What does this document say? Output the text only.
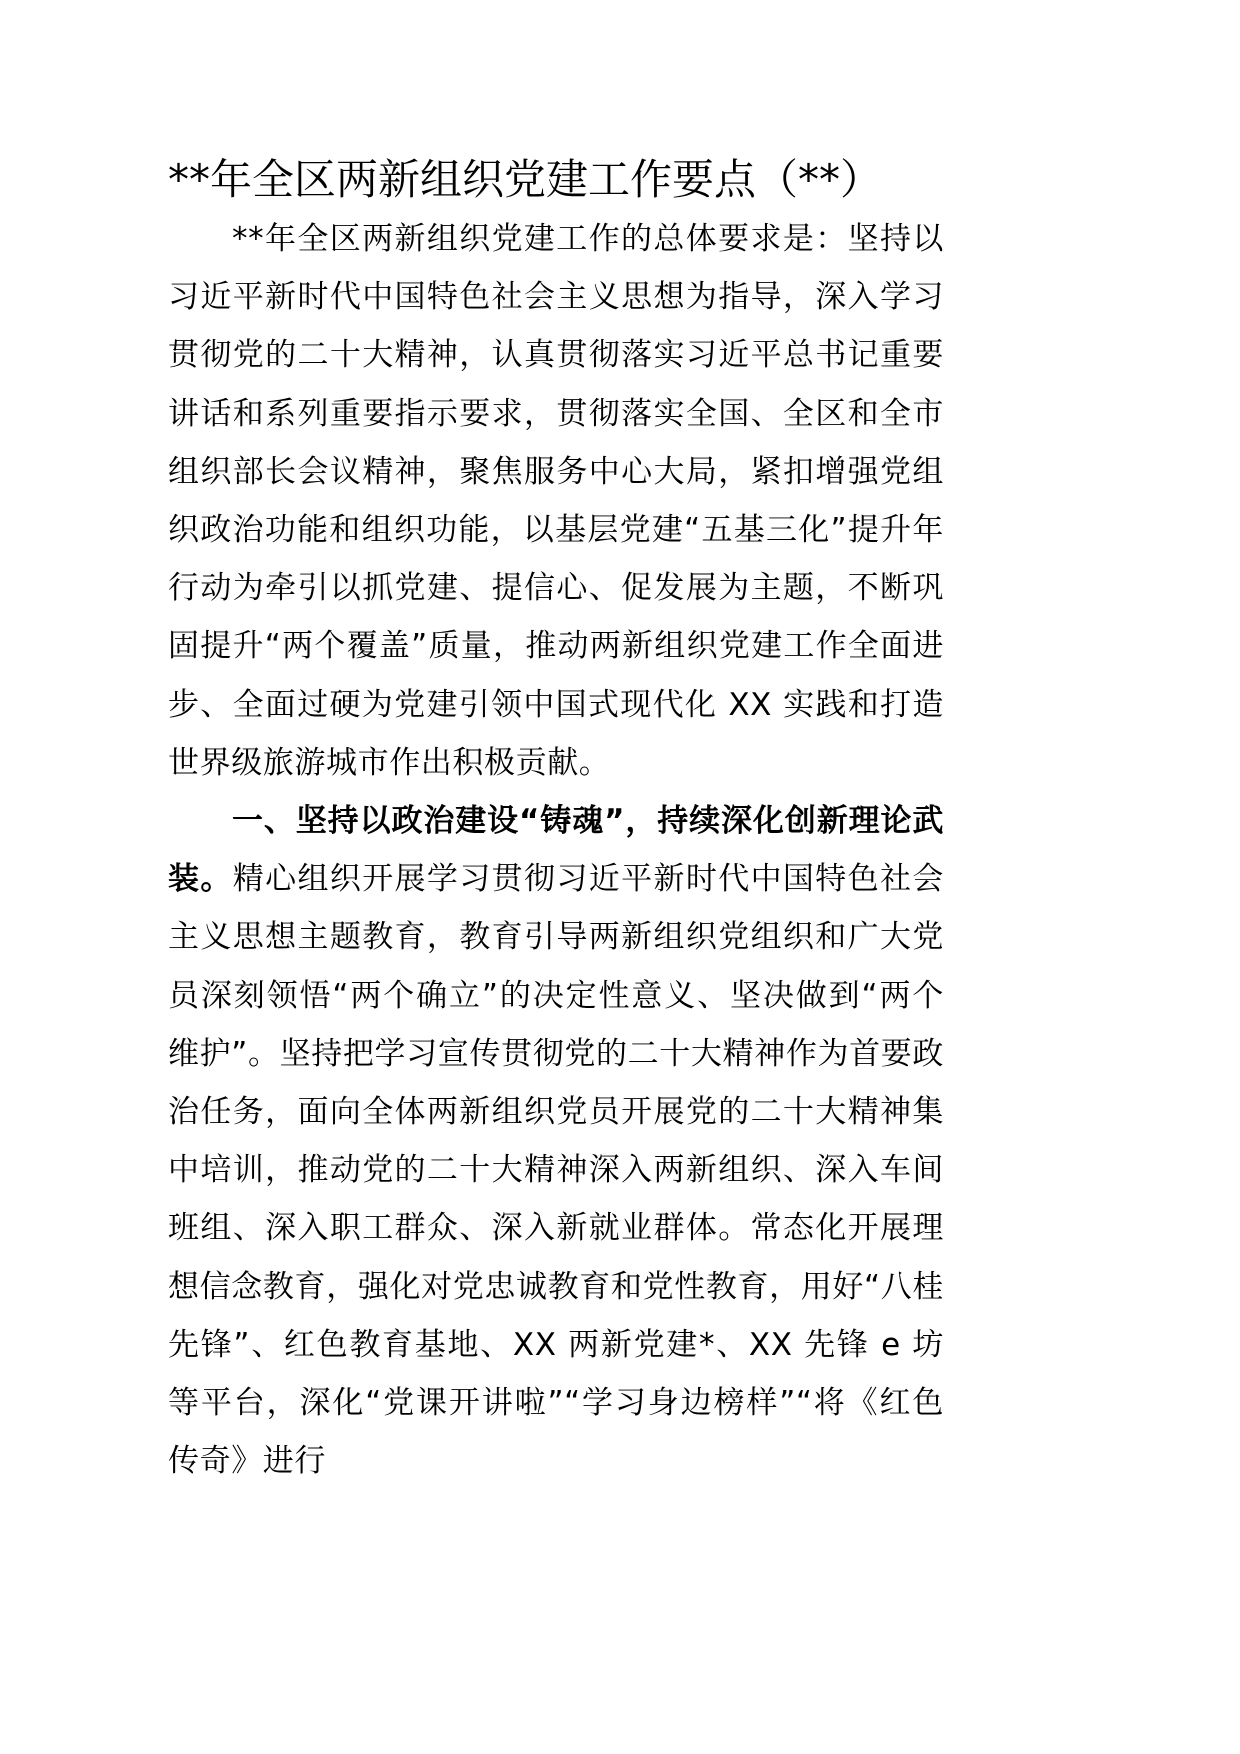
**年全区两新组织党建工作要点（**）

**年全区两新组织党建工作的总体要求是：坚持以习近平新时代中国特色社会主义思想为指导，深入学习贯彻党的二十大精神，认真贯彻落实习近平总书记重要讲话和系列重要指示要求，贯彻落实全国、全区和全市组织部长会议精神，聚焦服务中心大局，紧扣增强党组织政治功能和组织功能，以基层党建“五基三化”提升年行动为牵引以抓党建、提信心、促发展为主题，不断巩固提升“两个覆盖”质量，推动两新组织党建工作全面进步、全面过硬为党建引领中国式现代化 XX 实践和打造世界级旅游城市作出积极贡献。

一、坚持以政治建设“铸魂”，持续深化创新理论武装。精心组织开展学习贯彻习近平新时代中国特色社会主义思想主题教育，教育引导两新组织党组织和广大党员深刻领悟“两个确立”的决定性意义、坚决做到“两个维护”。坚持把学习宣传贯彻党的二十大精神作为首要政治任务，面向全体两新组织党员开展党的二十大精神集中培训，推动党的二十大精神深入两新组织、深入车间班组、深入职工群众、深入新就业群体。常态化开展理想信念教育，强化对党忠诚教育和党性教育，用好“八桂先锋”、红色教育基地、XX 两新党建*、XX 先锋 e 坊等平台，深化“党课开讲啦”“学习身边榜样”“将《红色传奇》进行
